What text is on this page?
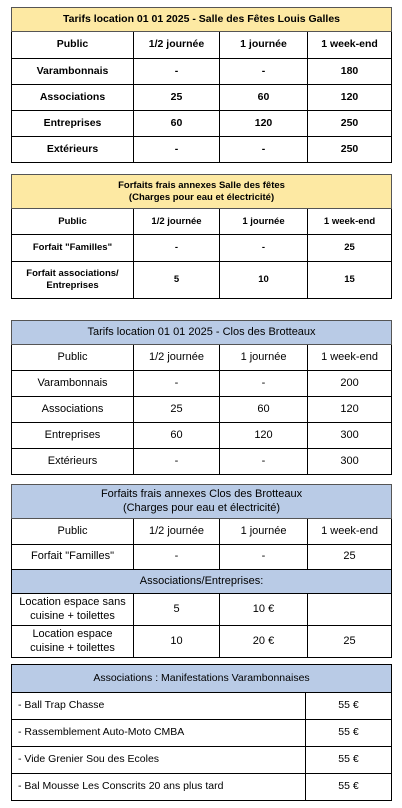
Tarifs location 01 01 2025 - Salle des Fêtes Louis Galles			
Public	1/2 journée	1 journée	1 week-end
Varambonnais	-	-	180
Associations	25	60	120
Entreprises	60	120	250
Extérieurs	-	-	250
Forfaits frais annexes Salle des fêtes
(Charges pour eau et électricité)			

Public	1/2 journée	1 journée	1 week-end
Forfait "Familles"	-	-	25
Forfait associations/ Entreprises	5	10	15
Tarifs location 01 01 2025 - Clos des Brotteaux			
Public	1/2 journée	1 journée	1 week-end
Varambonnais	-	-	200
Associations	25	60	120
Entreprises	60	120	300
Extérieurs	-	-	300
Forfaits frais annexes Clos des Brotteaux
(Charges pour eau et électricité)			

Public	1/2 journée	1 journée	1 week-end
Forfait "Familles"	-	-	25
Associations/Entreprises:			
Location espace sans cuisine + toilettes	5	10 €	
Location espace cuisine + toilettes	10	20 €	25
Associations : Manifestations Varambonnaises	
- Ball Trap Chasse	55 €
- Rassemblement Auto-Moto CMBA	55 €
- Vide Grenier Sou des Ecoles	55 €
- Bal Mousse Les Conscrits 20 ans plus tard	55 €
